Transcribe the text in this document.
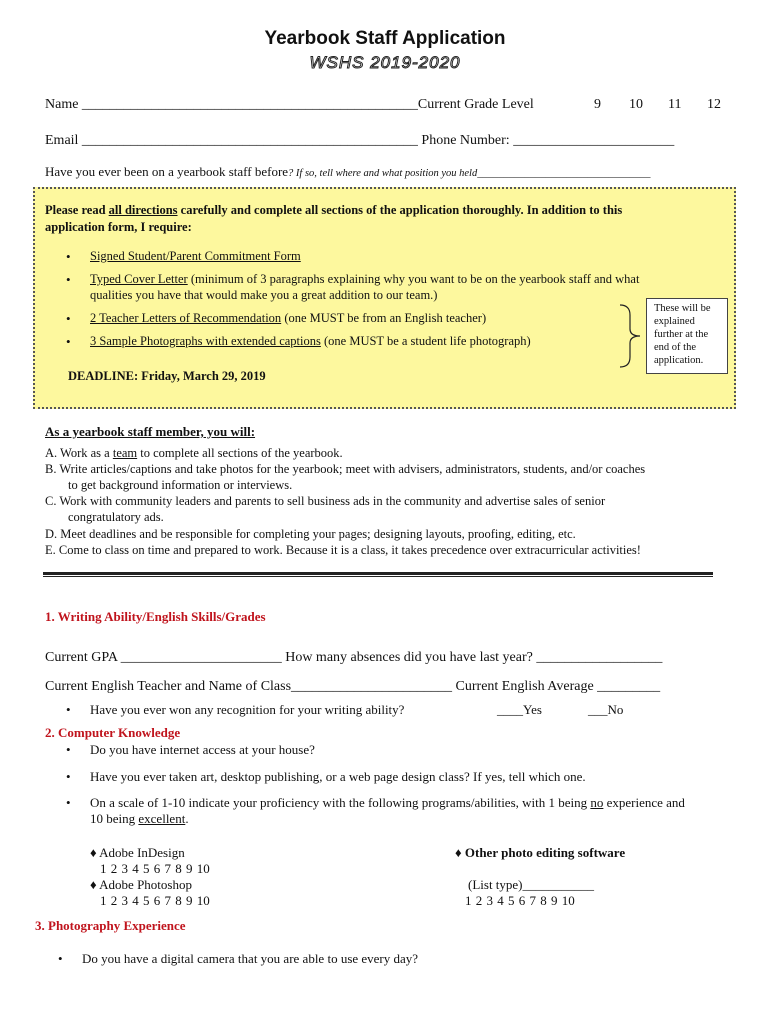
Yearbook Staff Application
WSHS 2019-2020
Name ________________________________________________Current Grade Level	9 10 11 12
Email ________________________________________________ Phone Number: _______________________
Have you ever been on a yearbook staff before? If so, tell where and what position you held_________________________________
Please read all directions carefully and complete all sections of the application thoroughly. In addition to this
application form, I require:
• Signed Student/Parent Commitment Form
• Typed Cover Letter (minimum of 3 paragraphs explaining why you want to be on the yearbook staff and what
qualities you have that would make you a great addition to our team.)
• 2 Teacher Letters of Recommendation (one MUST be from an English teacher)
• 3 Sample Photographs with extended captions (one MUST be a student life photograph)
DEADLINE: Friday, March 29, 2019
These will be
explained
further at the
end of the
application.
As a yearbook staff member, you will:
A. Work as a team to complete all sections of the yearbook.
B. Write articles/captions and take photos for the yearbook; meet with advisers, administrators, students, and/or coaches
to get background information or interviews.
C. Work with community leaders and parents to sell business ads in the community and advertise sales of senior
congratulatory ads.
D. Meet deadlines and be responsible for completing your pages; designing layouts, proofing, editing, etc.
E. Come to class on time and prepared to work. Because it is a class, it takes precedence over extracurricular activities!
1. Writing Ability/English Skills/Grades
Current GPA _______________________ How many absences did you have last year? __________________
Current English Teacher and Name of Class_______________________ Current English Average _________
• Have you ever won any recognition for your writing ability?	____Yes	___No
2. Computer Knowledge
• Do you have internet access at your house?
• Have you ever taken art, desktop publishing, or a web page design class? If yes, tell which one.
• On a scale of 1-10 indicate your proficiency with the following programs/abilities, with 1 being no experience and
10 being excellent.
♦ Adobe InDesign
1 2 3 4 5 6 7 8 9 10
♦ Adobe Photoshop
1 2 3 4 5 6 7 8 9 10
♦ Other photo editing software
(List type)___________
1 2 3 4 5 6 7 8 9 10
3. Photography Experience
• Do you have a digital camera that you are able to use every day?
